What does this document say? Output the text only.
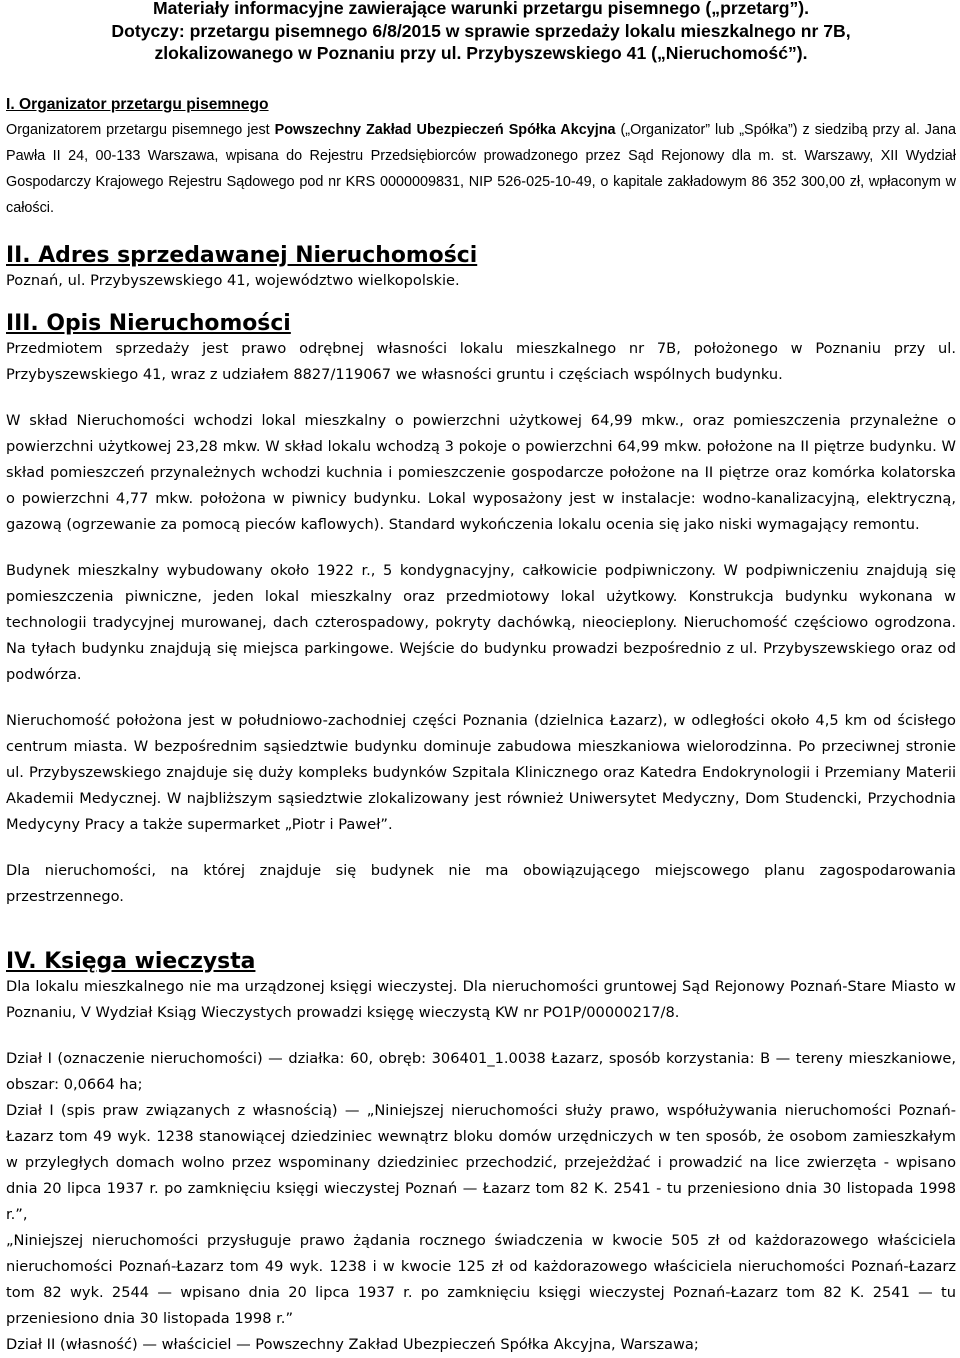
Materiały informacyjne zawierające warunki przetargu pisemnego („przetarg”).
Dotyczy: przetargu pisemnego 6/8/2015 w sprawie sprzedaży lokalu mieszkalnego nr 7B,
zlokalizowanego w Poznaniu przy ul. Przybyszewskiego 41 („Nieruchomość”).
I. Organizator przetargu pisemnego

Organizatorem przetargu pisemnego jest Powszechny Zakład Ubezpieczeń Spółka Akcyjna („Organizator” lub „Spółka”) z siedzibą przy al. Jana Pawła II 24, 00-133 Warszawa, wpisana do Rejestru Przedsiębiorców prowadzonego przez Sąd Rejonowy dla m. st. Warszawy, XII Wydział Gospodarczy Krajowego Rejestru Sądowego pod nr KRS 0000009831, NIP 526-025-10-49, o kapitale zakładowym 86 352 300,00 zł, wpłaconym w całości.

II. Adres sprzedawanej Nieruchomości

Poznań, ul. Przybyszewskiego 41, województwo wielkopolskie.

III. Opis Nieruchomości

Przedmiotem sprzedaży jest prawo odrębnej własności lokalu mieszkalnego nr 7B, położonego w Poznaniu przy ul. Przybyszewskiego 41, wraz z udziałem 8827/119067 we własności gruntu i częściach wspólnych budynku.

W skład Nieruchomości wchodzi lokal mieszkalny o powierzchni użytkowej 64,99 mkw., oraz pomieszczenia przynależne o powierzchni użytkowej 23,28 mkw. W skład lokalu wchodzą 3 pokoje o powierzchni 64,99 mkw. położone na II piętrze budynku. W skład pomieszczeń przynależnych wchodzi kuchnia i pomieszczenie gospodarcze położone na II piętrze oraz komórka kolatorska o powierzchni 4,77 mkw. położona w piwnicy budynku. Lokal wyposażony jest w instalacje: wodno-kanalizacyjną, elektryczną, gazową (ogrzewanie za pomocą pieców kaflowych). Standard wykończenia lokalu ocenia się jako niski wymagający remontu.

Budynek mieszkalny wybudowany około 1922 r., 5 kondygnacyjny, całkowicie podpiwniczony. W podpiwniczeniu znajdują się pomieszczenia piwniczne, jeden lokal mieszkalny oraz przedmiotowy lokal użytkowy. Konstrukcja budynku wykonana w technologii tradycyjnej murowanej, dach czterospadowy, pokryty dachówką, nieocieplony. Nieruchomość częściowo ogrodzona. Na tyłach budynku znajdują się miejsca parkingowe. Wejście do budynku prowadzi bezpośrednio z ul. Przybyszewskiego oraz od podwórza.

Nieruchomość położona jest w południowo-zachodniej części Poznania (dzielnica Łazarz), w odległości około 4,5 km od ścisłego centrum miasta. W bezpośrednim sąsiedztwie budynku dominuje zabudowa mieszkaniowa wielorodzinna. Po przeciwnej stronie ul. Przybyszewskiego znajduje się duży kompleks budynków Szpitala Klinicznego oraz Katedra Endokrynologii i Przemiany Materii Akademii Medycznej. W najbliższym sąsiedztwie zlokalizowany jest również Uniwersytet Medyczny, Dom Studencki, Przychodnia Medycyny Pracy a także supermarket „Piotr i Paweł”.

Dla nieruchomości, na której znajduje się budynek nie ma obowiązującego miejscowego planu zagospodarowania przestrzennego.

IV. Księga wieczysta

Dla lokalu mieszkalnego nie ma urządzonej księgi wieczystej. Dla nieruchomości gruntowej Sąd Rejonowy Poznań-Stare Miasto w Poznaniu, V Wydział Ksiąg Wieczystych prowadzi księgę wieczystą KW nr PO1P/00000217/8.

Dział I (oznaczenie nieruchomości) — działka: 60, obręb: 306401_1.0038 Łazarz, sposób korzystania: B — tereny mieszkaniowe, obszar: 0,0664 ha;

Dział I (spis praw związanych z własnością) — „Niniejszej nieruchomości służy prawo, współużywania nieruchomości Poznań-Łazarz tom 49 wyk. 1238 stanowiącej dziedziniec wewnątrz bloku domów urzędniczych w ten sposób, że osobom zamieszkałym w przyległych domach wolno przez wspominany dziedziniec przechodzić, przejeżdżać i prowadzić na lice zwierzęta - wpisano dnia 20 lipca 1937 r. po zamknięciu księgi wieczystej Poznań — Łazarz tom 82 K. 2541 - tu przeniesiono dnia 30 listopada 1998 r.”,

„Niniejszej nieruchomości przysługuje prawo żądania rocznego świadczenia w kwocie 505 zł od każdorazowego właściciela nieruchomości Poznań-Łazarz tom 49 wyk. 1238 i w kwocie 125 zł od każdorazowego właściciela nieruchomości Poznań-Łazarz tom 82 wyk. 2544 — wpisano dnia 20 lipca 1937 r. po zamknięciu księgi wieczystej Poznań-Łazarz tom 82 K. 2541 — tu przeniesiono dnia 30 listopada 1998 r.”

Dział II (własność) — właściciel — Powszechny Zakład Ubezpieczeń Spółka Akcyjna, Warszawa;
